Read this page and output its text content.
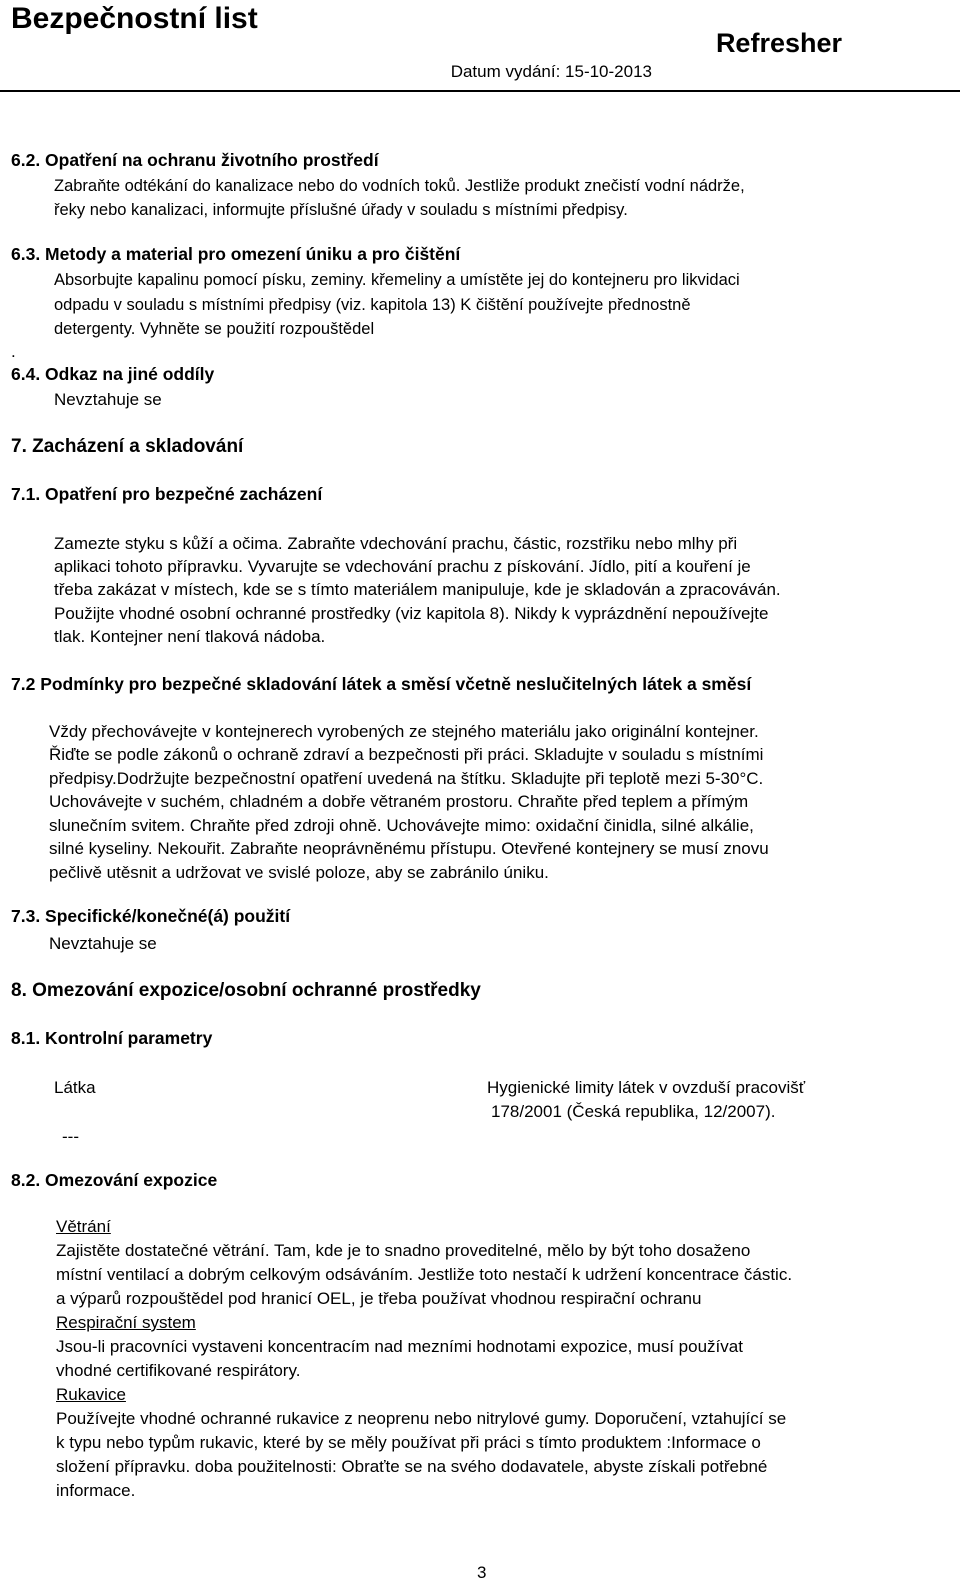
Bezpečnostní list
Refresher
Datum vydání: 15-10-2013
6.2. Opatření na ochranu životního prostředí
Zabraňte odtékání do kanalizace nebo do vodních toků. Jestliže produkt znečistí vodní nádrže,
řeky nebo kanalizaci, informujte příslušné úřady v souladu s místními předpisy.
6.3. Metody a material pro omezení úniku a pro čištění
Absorbujte kapalinu pomocí písku, zeminy. křemeliny a umístěte jej do kontejneru pro likvidaci
odpadu v souladu s místními předpisy (viz. kapitola 13) K čištění používejte přednostně
detergenty. Vyhněte se použití rozpouštědel
.
6.4. Odkaz na jiné oddíly
Nevztahuje se
7. Zacházení a skladování
7.1. Opatření pro bezpečné zacházení
Zamezte styku s kůží a očima. Zabraňte vdechování prachu, částic, rozstřiku nebo mlhy při
aplikaci tohoto přípravku. Vyvarujte se vdechování prachu z pískování. Jídlo, pití a kouření je
třeba zakázat v místech, kde se s tímto materiálem manipuluje, kde je skladován a zpracováván.
Použijte vhodné osobní ochranné prostředky (viz kapitola 8). Nikdy k vyprázdnění nepoužívejte
tlak. Kontejner není tlaková nádoba.
7.2 Podmínky pro bezpečné skladování látek a směsí včetně neslučitelných látek a směsí
Vždy přechovávejte v kontejnerech vyrobených ze stejného materiálu jako originální kontejner.
Řiďte se podle zákonů o ochraně zdraví a bezpečnosti při práci. Skladujte v souladu s místními
předpisy.Dodržujte bezpečnostní opatření uvedená na štítku. Skladujte při teplotě mezi 5-30°C.
Uchovávejte v suchém, chladném a dobře větraném prostoru. Chraňte před teplem a přímým
slunečním svitem. Chraňte před zdroji ohně. Uchovávejte mimo: oxidační činidla, silné alkálie,
silné kyseliny. Nekouřit. Zabraňte neoprávněnému přístupu. Otevřené kontejnery se musí znovu
pečlivě utěsnit a udržovat ve svislé poloze, aby se zabránilo úniku.
7.3. Specifické/konečné(á) použití
Nevztahuje se
8. Omezování expozice/osobní ochranné prostředky
8.1. Kontrolní parametry
Látka	Hygienické limity látek v ovzduší pracovišť
178/2001 (Česká republika, 12/2007).
---
8.2. Omezování expozice
Větrání
Zajistěte dostatečné větrání. Tam, kde je to snadno proveditelné, mělo by být toho dosaženo
místní ventilací a dobrým celkovým odsáváním. Jestliže toto nestačí k udržení koncentrace částic.
a výparů rozpouštědel pod hranicí OEL, je třeba používat vhodnou respirační ochranu
Respirační system
Jsou-li pracovníci vystaveni koncentracím nad mezními hodnotami expozice, musí používat
vhodné certifikované respirátory.
Rukavice
Používejte vhodné ochranné rukavice z neoprenu nebo nitrylové gumy. Doporučení, vztahující se
k typu nebo typům rukavic, které by se měly používat při práci s tímto produktem :Informace o
složení přípravku. doba použitelnosti: Obraťte se na svého dodavatele, abyste získali potřebné
informace.
3
